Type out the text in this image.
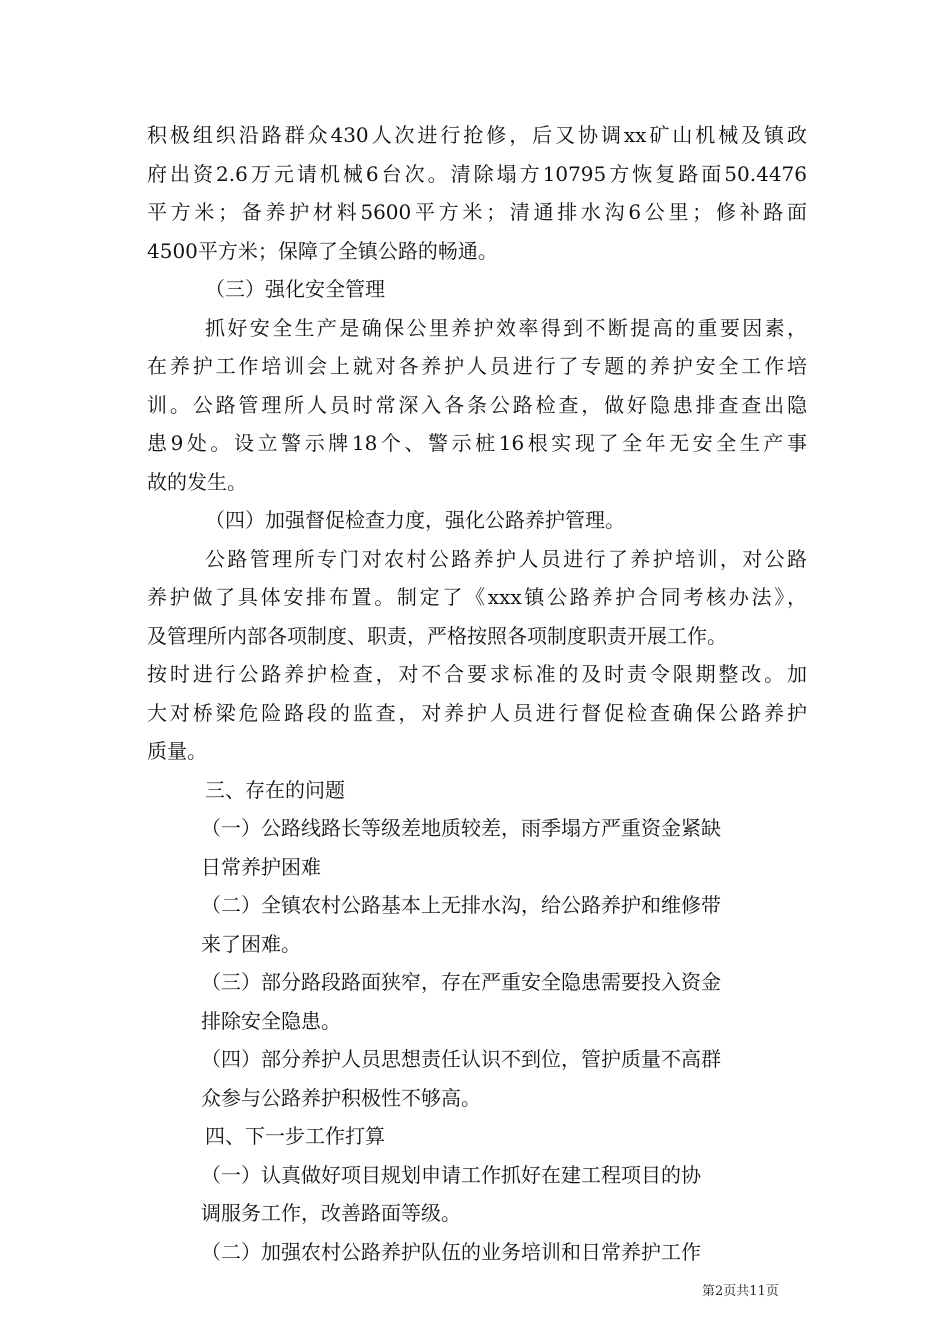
积极组织沿路群众430人次进行抢修，后又协调xx矿山机械及镇政
府出资2.6万元请机械6台次。清除塌方10795方恢复路面50.4476
平方米；备养护材料5600平方米；清通排水沟6公里；修补路面
4500平方米；保障了全镇公路的畅通。
（三）强化安全管理
抓好安全生产是确保公里养护效率得到不断提高的重要因素，
在养护工作培训会上就对各养护人员进行了专题的养护安全工作培
训。公路管理所人员时常深入各条公路检查，做好隐患排查查出隐
患9处。设立警示牌18个、警示桩16根实现了全年无安全生产事
故的发生。
（四）加强督促检查力度，强化公路养护管理。
公路管理所专门对农村公路养护人员进行了养护培训，对公路
养护做了具体安排布置。制定了《xxx镇公路养护合同考核办法》，
及管理所内部各项制度、职责，严格按照各项制度职责开展工作。
按时进行公路养护检查，对不合要求标准的及时责令限期整改。加
大对桥梁危险路段的监查，对养护人员进行督促检查确保公路养护
质量。
三、存在的问题
（一）公路线路长等级差地质较差，雨季塌方严重资金紧缺
日常养护困难
（二）全镇农村公路基本上无排水沟，给公路养护和维修带
来了困难。
（三）部分路段路面狭窄，存在严重安全隐患需要投入资金
排除安全隐患。
（四）部分养护人员思想责任认识不到位，管护质量不高群
众参与公路养护积极性不够高。
四、下一步工作打算
（一）认真做好项目规划申请工作抓好在建工程项目的协
调服务工作，改善路面等级。
（二）加强农村公路养护队伍的业务培训和日常养护工作
第2页共11页
